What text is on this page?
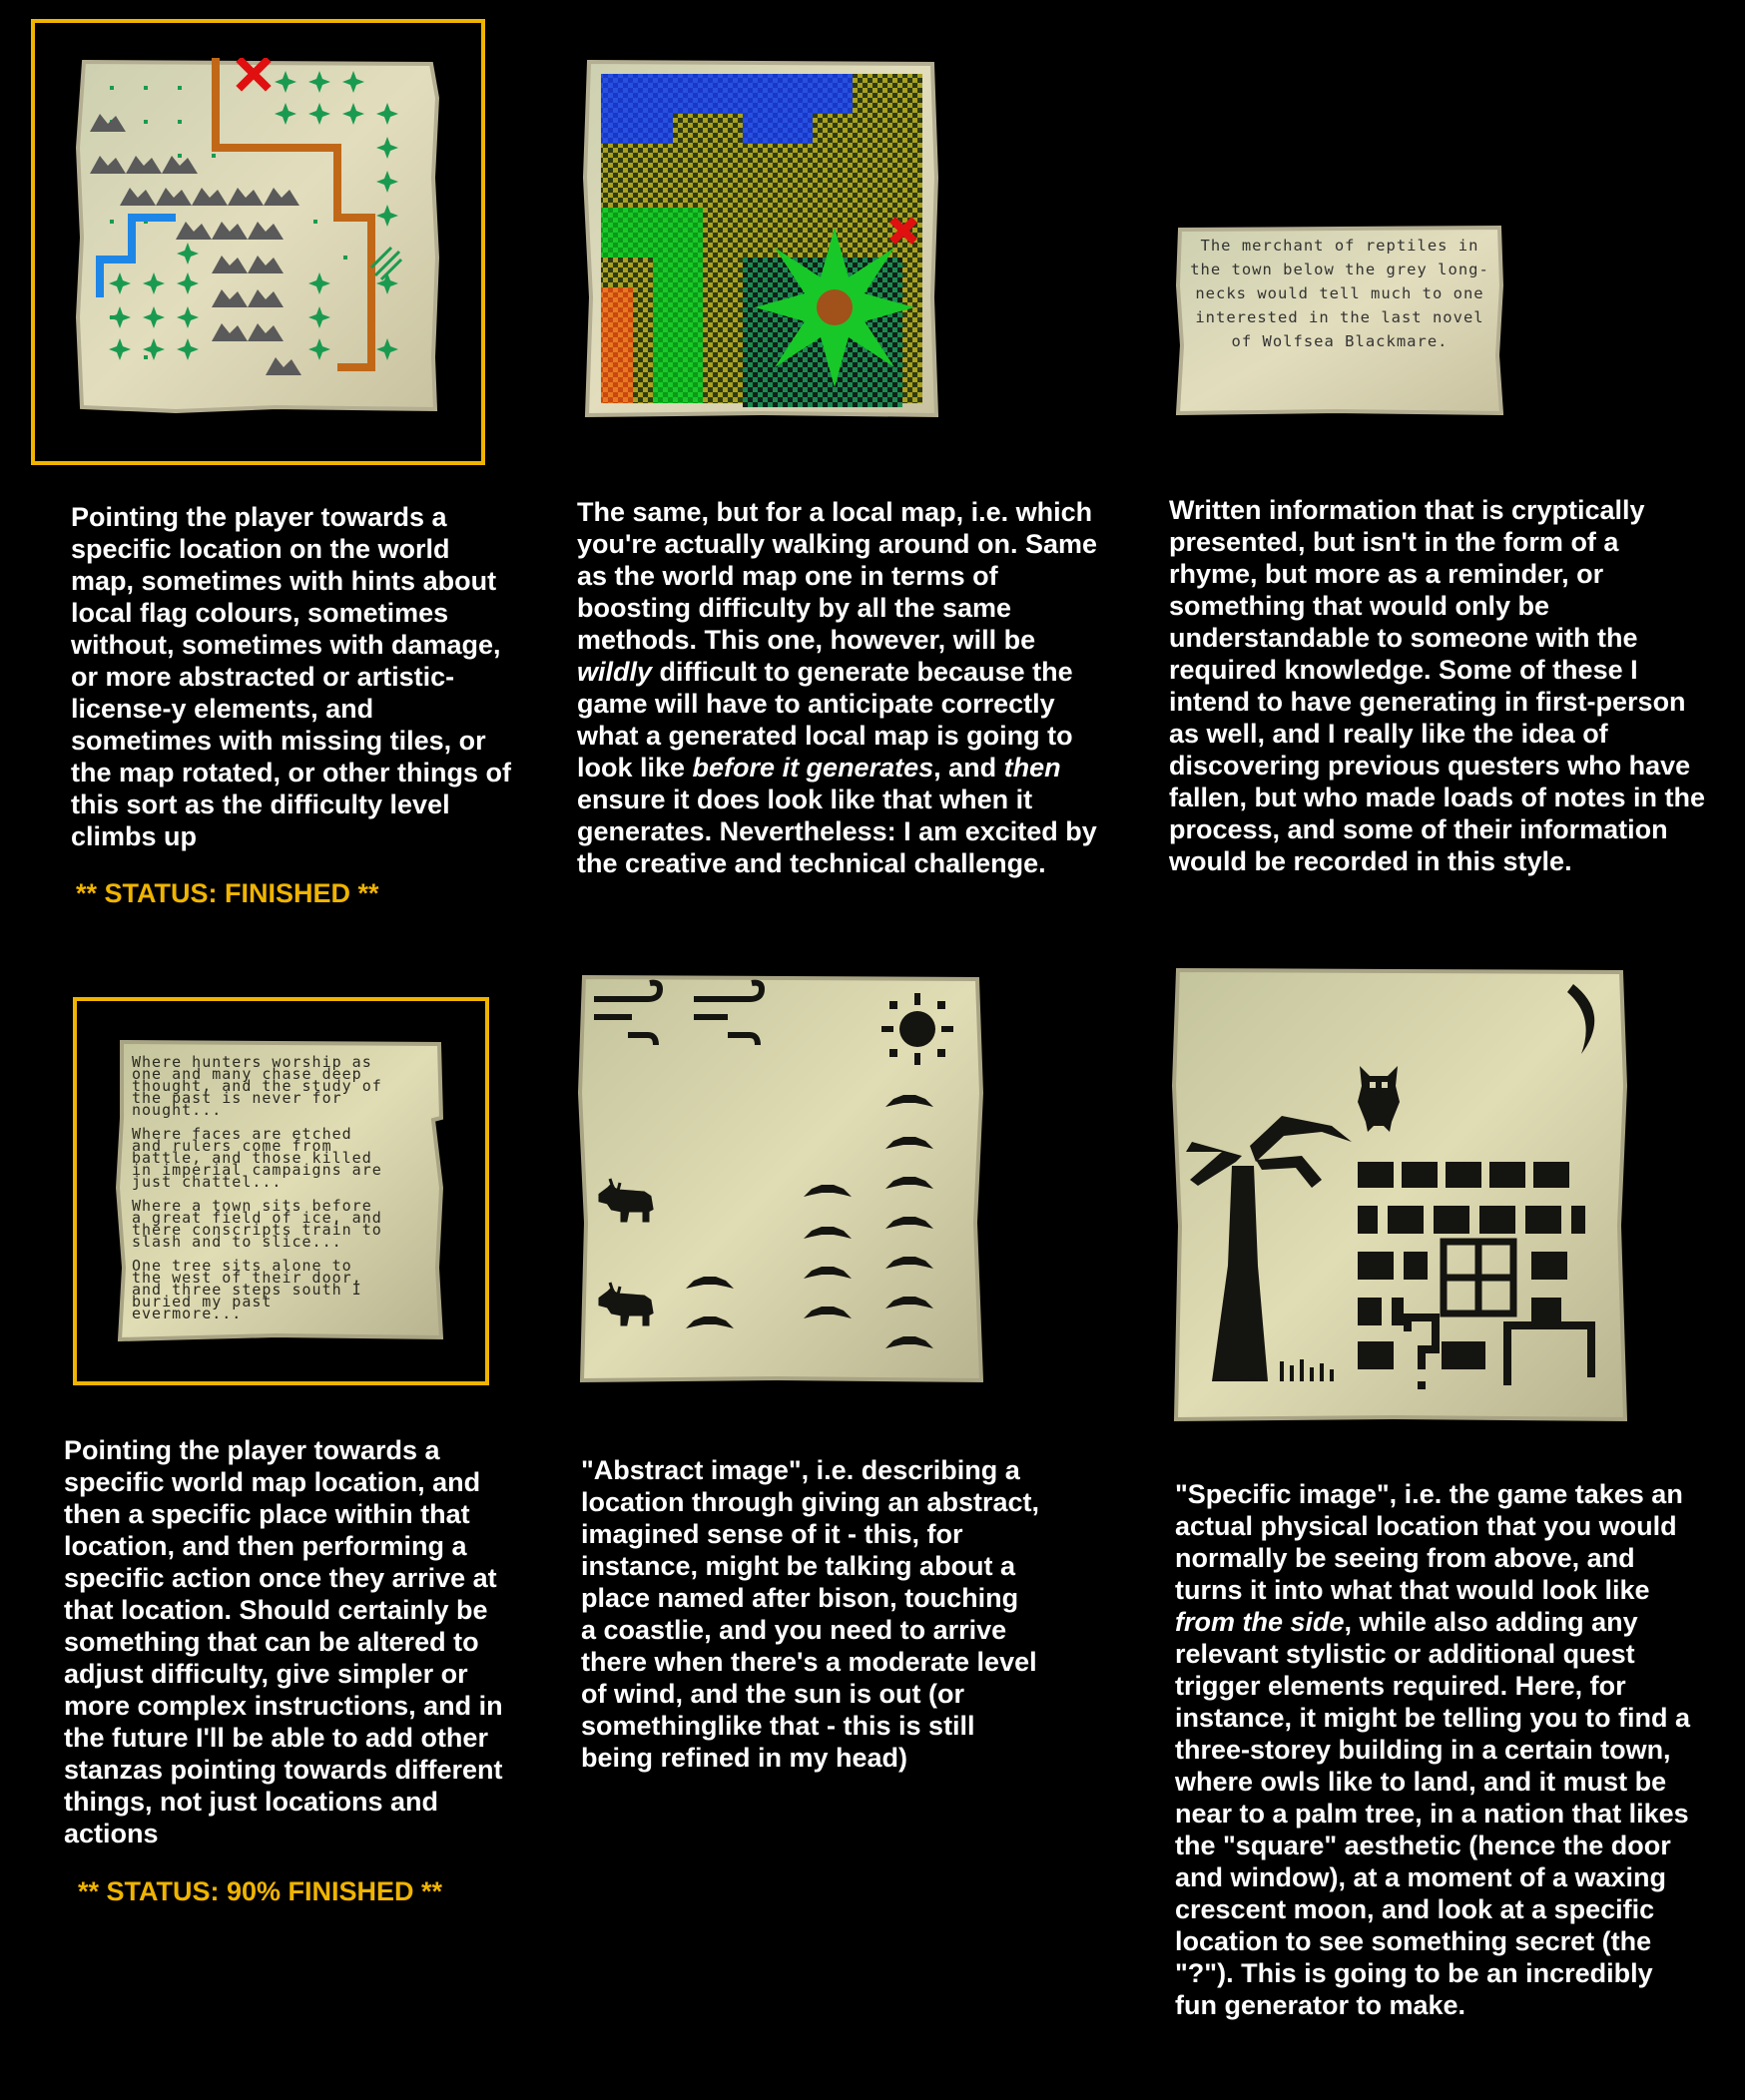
Pointing the player towards a specific location on the world map, sometimes with hints about local flag colours, sometimes without, sometimes with damage, or more abstracted or artistic-license-y elements, and sometimes with missing tiles, or the map rotated, or other things of this sort as the difficulty level climbs up
** STATUS: FINISHED **
The same, but for a local map, i.e. which you're actually walking around on. Same as the world map one in terms of boosting difficulty by all the same methods. This one, however, will be wildly difficult to generate because the game will have to anticipate correctly what a generated local map is going to look like before it generates, and then ensure it does look like that when it generates. Nevertheless: I am excited by the creative and technical challenge.
The merchant of reptiles in the town below the grey long-necks would tell much to one interested in the last novel of Wolfsea Blackmare.
Written information that is cryptically presented, but isn't in the form of a rhyme, but more as a reminder, or something that would only be understandable to someone with the required knowledge. Some of these I intend to have generating in first-person as well, and I really like the idea of discovering previous questers who have fallen, but who made loads of notes in the process, and some of their information would be recorded in this style.
Where hunters worship as
one and many chase deep
thought, and the study of
the past is never for
nought...
Where faces are etched
and rulers come from
battle, and those killed
in imperial campaigns are
just chattel...
Where a town sits before
a great field of ice, and
there conscripts train to
slash and to slice...
One tree sits alone to
the west of their door,
and three steps south I
buried my past
evermore...
Pointing the player towards a specific world map location, and then a specific place within that location, and then performing a specific action once they arrive at that location. Should certainly be something that can be altered to adjust difficulty, give simpler or more complex instructions, and in the future I'll be able to add other stanzas pointing towards different things, not just locations and actions
** STATUS: 90% FINISHED **
"Abstract image", i.e. describing a location through giving an abstract, imagined sense of it - this, for instance, might be talking about a place named after bison, touching a coastlie, and you need to arrive there when there's a moderate level of wind, and the sun is out (or somethinglike that - this is still being refined in my head)
"Specific image", i.e. the game takes an actual physical location that you would normally be seeing from above, and turns it into what that would look like from the side, while also adding any relevant stylistic or additional quest trigger elements required. Here, for instance, it might be telling you to find a three-storey building in a certain town, where owls like to land, and it must be near to a palm tree, in a nation that likes the "square" aesthetic (hence the door and window), at a moment of a waxing crescent moon, and look at a specific location to see something secret (the "?"). This is going to be an incredibly fun generator to make.
